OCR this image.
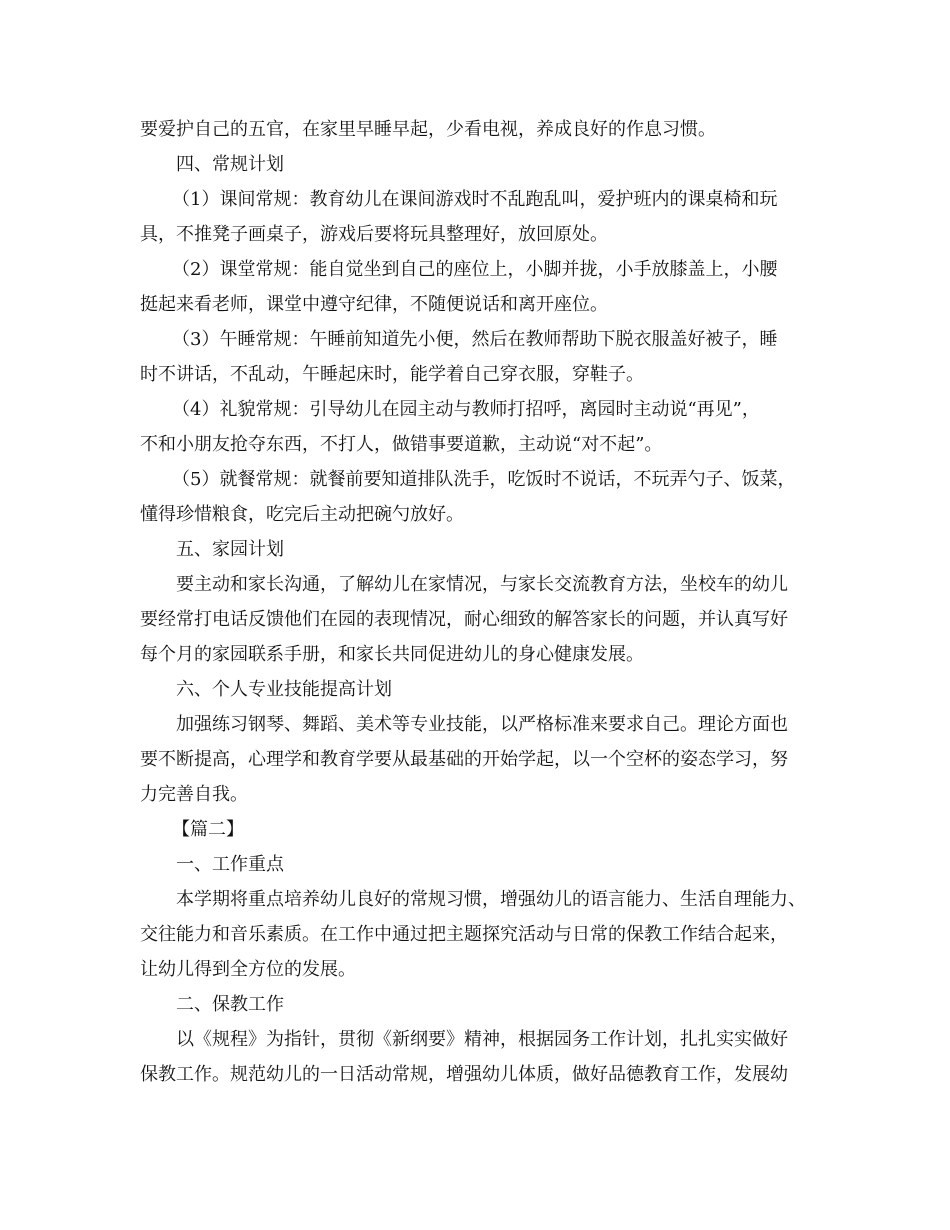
要爱护自己的五官，在家里早睡早起，少看电视，养成良好的作息习惯。
四、常规计划
（1）课间常规：教育幼儿在课间游戏时不乱跑乱叫，爱护班内的课桌椅和玩
具，不推凳子画桌子，游戏后要将玩具整理好，放回原处。
（2）课堂常规：能自觉坐到自己的座位上，小脚并拢，小手放膝盖上，小腰
挺起来看老师，课堂中遵守纪律，不随便说话和离开座位。
（3）午睡常规：午睡前知道先小便，然后在教师帮助下脱衣服盖好被子，睡
时不讲话，不乱动，午睡起床时，能学着自己穿衣服，穿鞋子。
（4）礼貌常规：引导幼儿在园主动与教师打招呼，离园时主动说“再见”，
不和小朋友抢夺东西，不打人，做错事要道歉，主动说“对不起”。
（5）就餐常规：就餐前要知道排队洗手，吃饭时不说话，不玩弄勺子、饭菜，
懂得珍惜粮食，吃完后主动把碗勺放好。
五、家园计划
要主动和家长沟通，了解幼儿在家情况，与家长交流教育方法，坐校车的幼儿
要经常打电话反馈他们在园的表现情况，耐心细致的解答家长的问题，并认真写好
每个月的家园联系手册，和家长共同促进幼儿的身心健康发展。
六、个人专业技能提高计划
加强练习钢琴、舞蹈、美术等专业技能，以严格标准来要求自己。理论方面也
要不断提高，心理学和教育学要从最基础的开始学起，以一个空杯的姿态学习，努
力完善自我。
【篇二】
一、工作重点
本学期将重点培养幼儿良好的常规习惯，增强幼儿的语言能力、生活自理能力、
交往能力和音乐素质。在工作中通过把主题探究活动与日常的保教工作结合起来，
让幼儿得到全方位的发展。
二、保教工作
以《规程》为指针，贯彻《新纲要》精神，根据园务工作计划，扎扎实实做好
保教工作。规范幼儿的一日活动常规，增强幼儿体质，做好品德教育工作，发展幼
